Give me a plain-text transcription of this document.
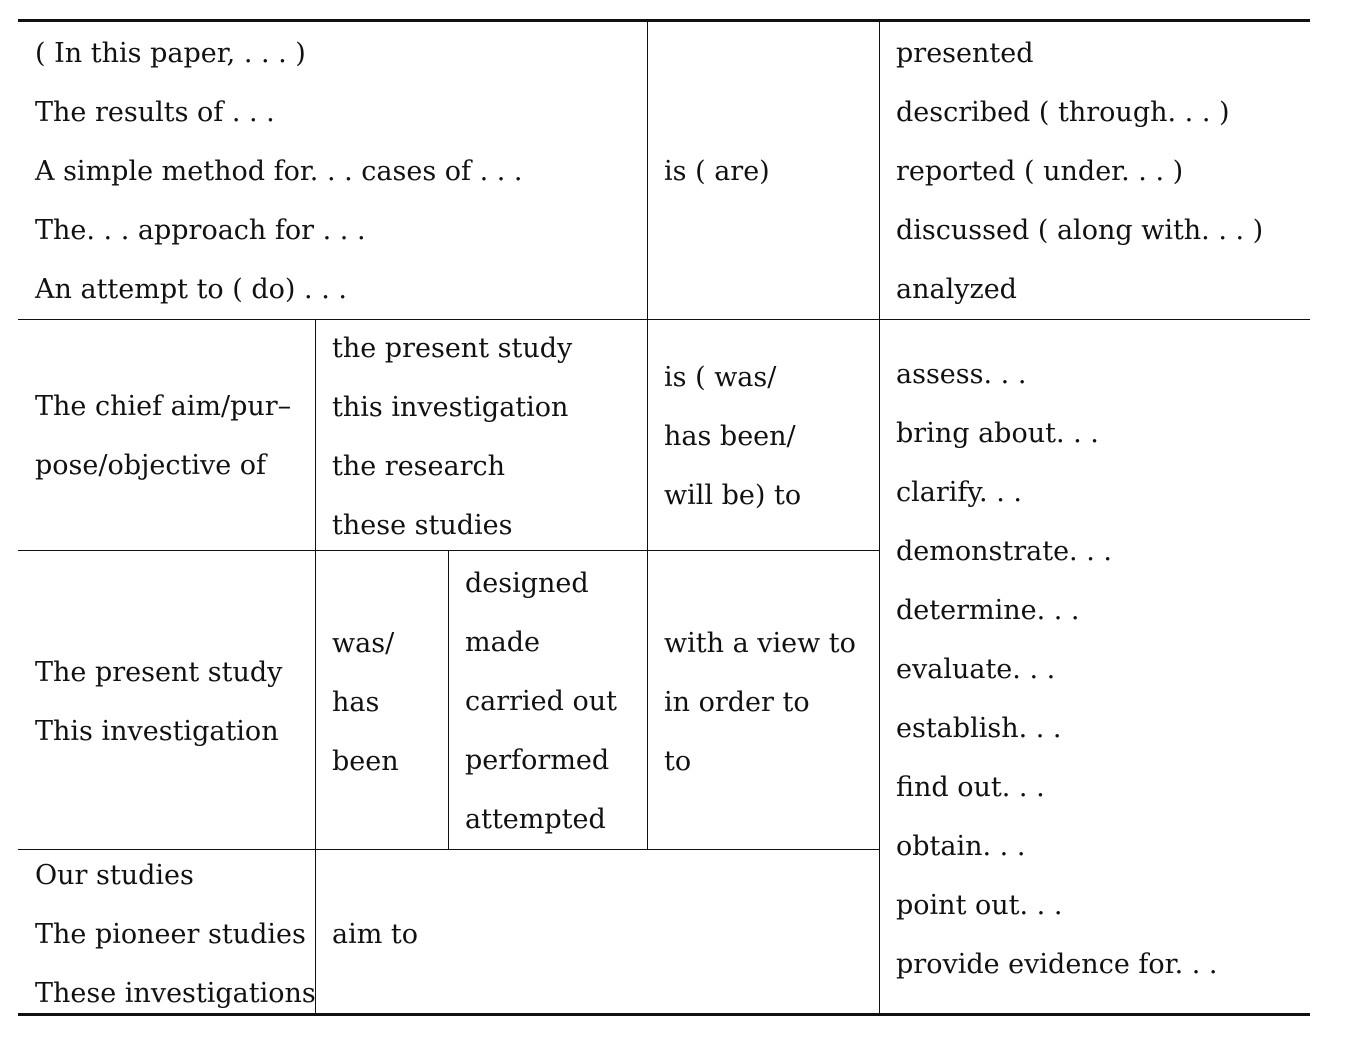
( In this paper, . . . )
The results of . . .
A simple method for. . . cases of . . .
The. . . approach for . . .
An attempt to ( do) . . .
is ( are)
presented
described ( through. . . )
reported ( under. . . )
discussed ( along with. . . )
analyzed
The chief aim/pur–
pose/objective of
the present study
this investigation
the research
these studies
is ( was/
has been/
will be) to
The present study
This investigation
was/
has
been
designed
made
carried out
performed
attempted
with a view to
in order to
to
Our studies
The pioneer studies
These investigations
aim to
assess. . .
bring about. . .
clarify. . .
demonstrate. . .
determine. . .
evaluate. . .
establish. . .
find out. . .
obtain. . .
point out. . .
provide evidence for. . .
